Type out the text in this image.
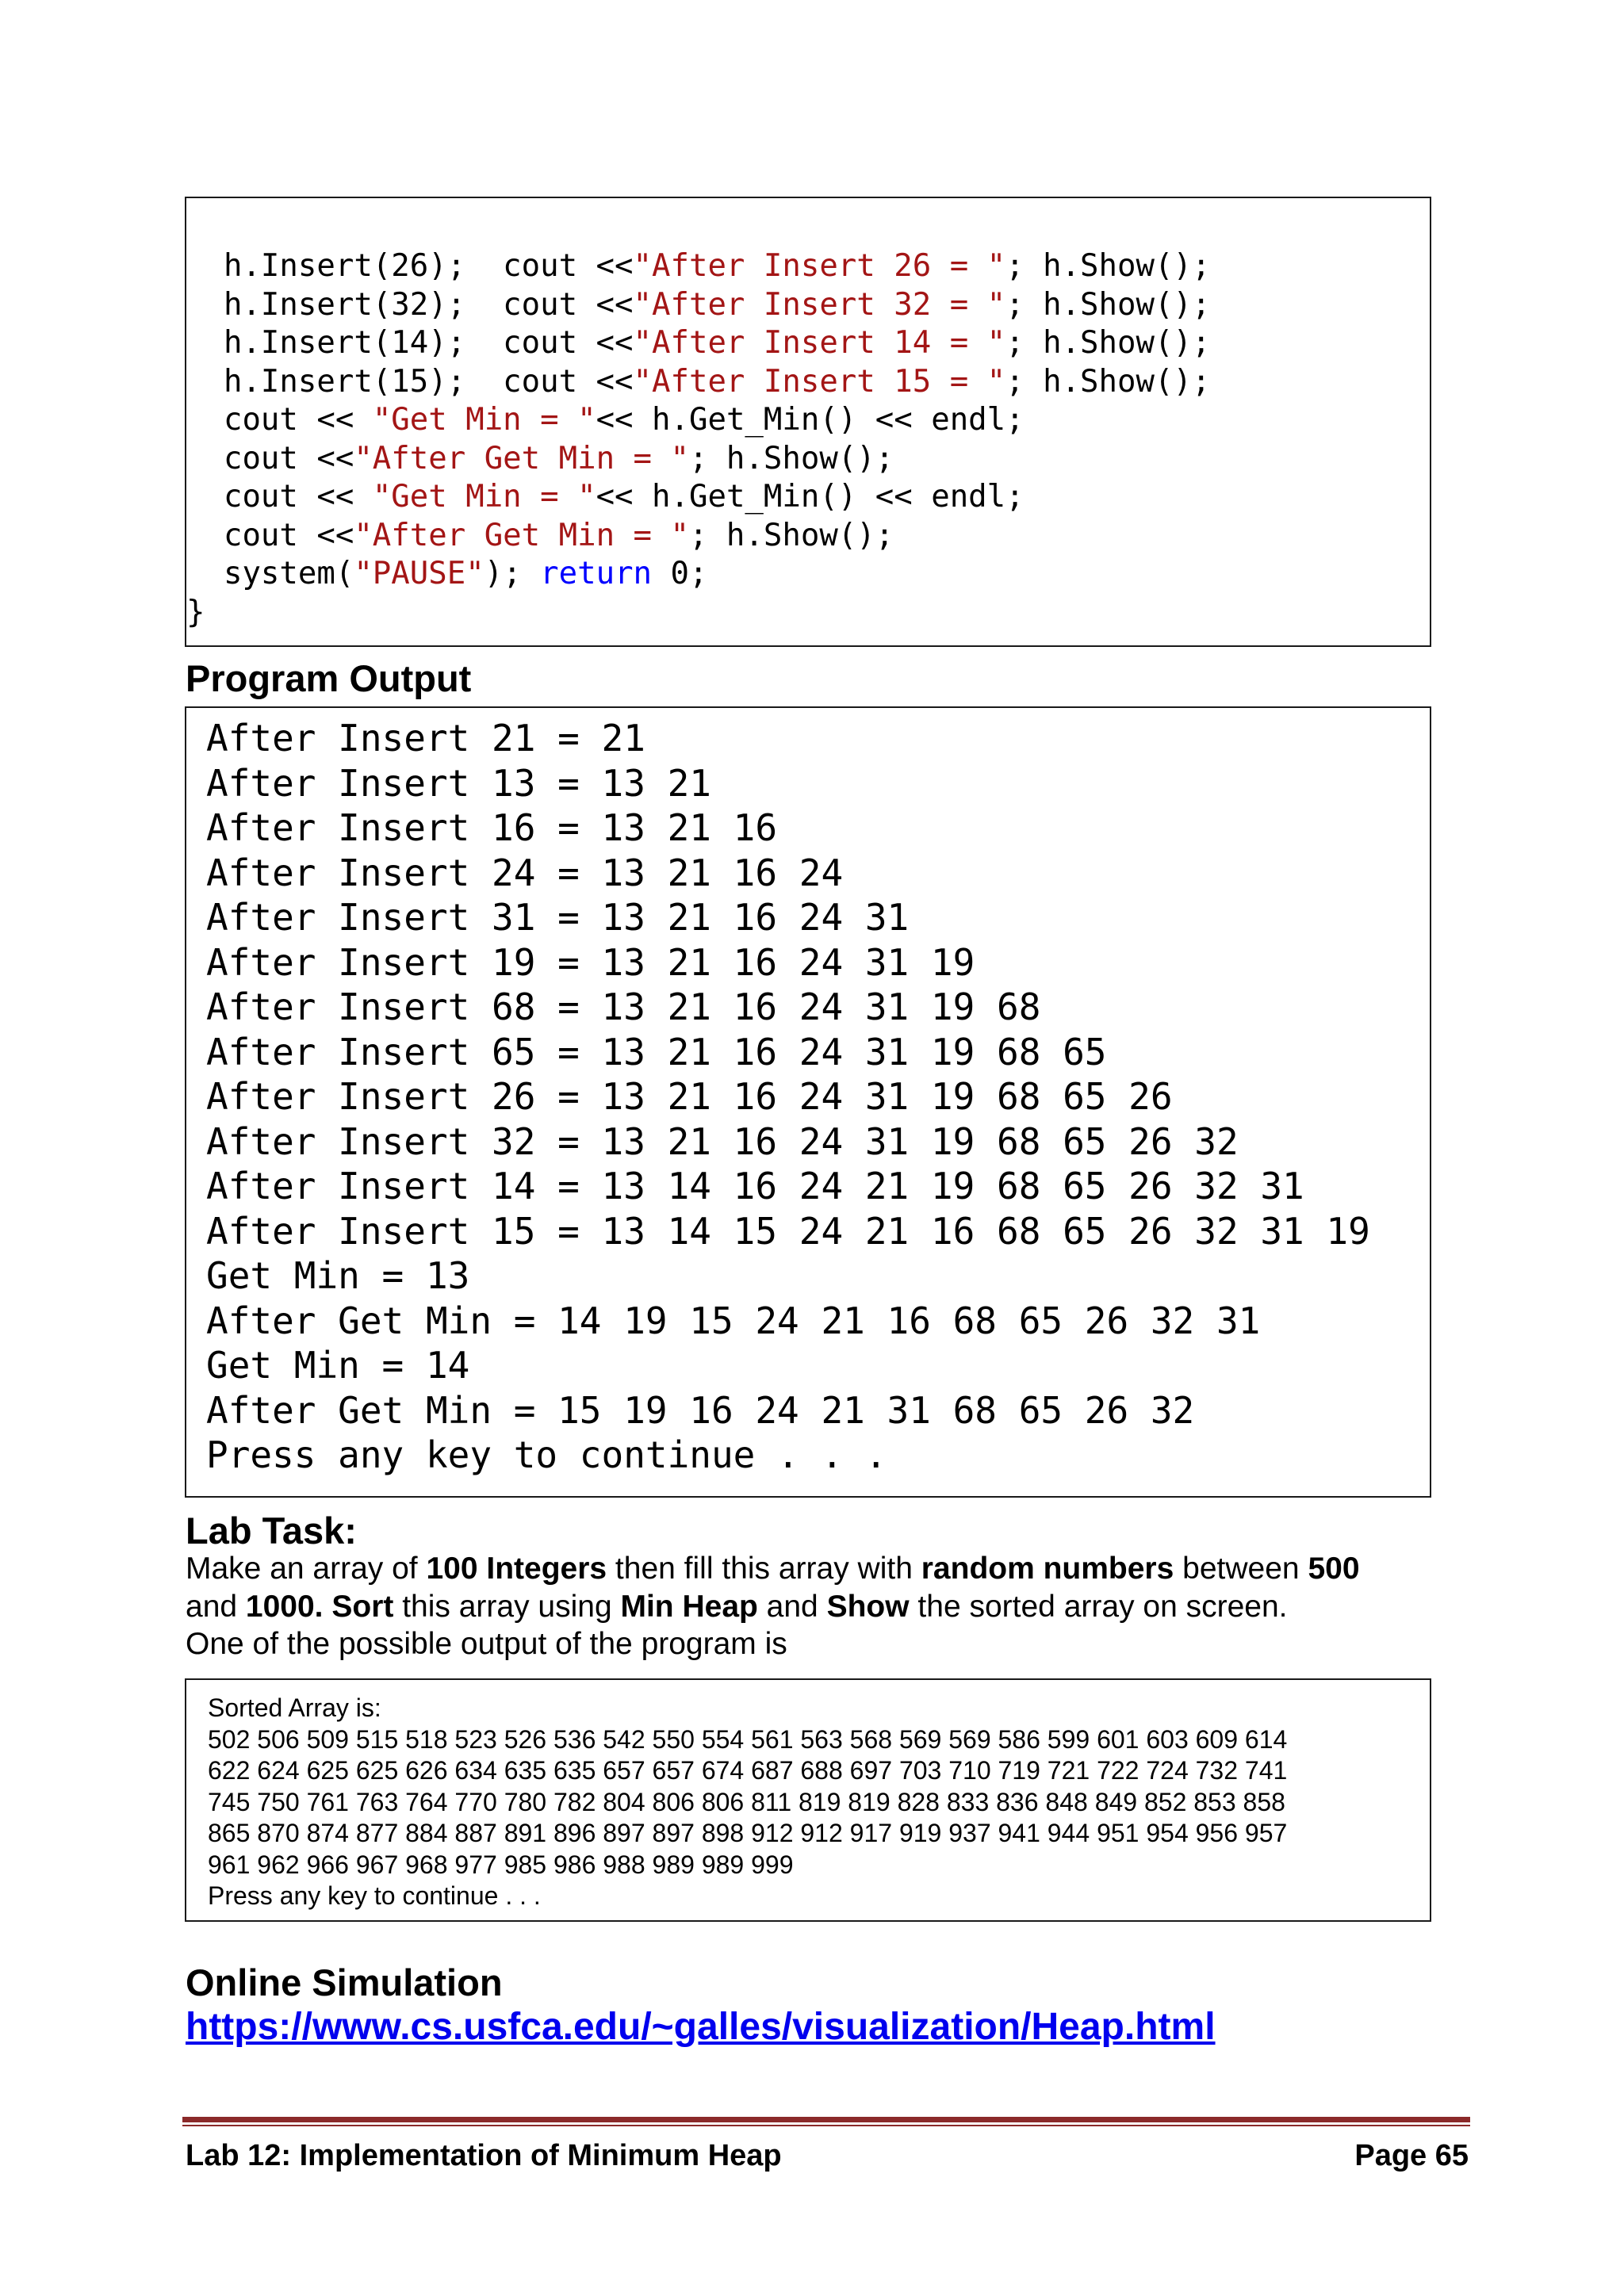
h.Insert(26);  cout <<"After Insert 26 = "; h.Show();
h.Insert(32);  cout <<"After Insert 32 = "; h.Show();
h.Insert(14);  cout <<"After Insert 14 = "; h.Show();
h.Insert(15);  cout <<"After Insert 15 = "; h.Show();
cout << "Get Min = "<< h.Get_Min() << endl;
cout <<"After Get Min = "; h.Show();
cout << "Get Min = "<< h.Get_Min() << endl;
cout <<"After Get Min = "; h.Show();
system("PAUSE"); return 0;
}
Program Output
After Insert 21 = 21
After Insert 13 = 13 21
After Insert 16 = 13 21 16
After Insert 24 = 13 21 16 24
After Insert 31 = 13 21 16 24 31
After Insert 19 = 13 21 16 24 31 19
After Insert 68 = 13 21 16 24 31 19 68
After Insert 65 = 13 21 16 24 31 19 68 65
After Insert 26 = 13 21 16 24 31 19 68 65 26
After Insert 32 = 13 21 16 24 31 19 68 65 26 32
After Insert 14 = 13 14 16 24 21 19 68 65 26 32 31
After Insert 15 = 13 14 15 24 21 16 68 65 26 32 31 19
Get Min = 13
After Get Min = 14 19 15 24 21 16 68 65 26 32 31
Get Min = 14
After Get Min = 15 19 16 24 21 31 68 65 26 32
Press any key to continue . . .
Lab Task:
Make an array of 100 Integers then fill this array with random numbers between 500
and 1000. Sort this array using Min Heap and Show the sorted array on screen.
One of the possible output of the program is
Sorted Array is:
502 506 509 515 518 523 526 536 542 550 554 561 563 568 569 569 586 599 601 603 609 614
622 624 625 625 626 634 635 635 657 657 674 687 688 697 703 710 719 721 722 724 732 741
745 750 761 763 764 770 780 782 804 806 806 811 819 819 828 833 836 848 849 852 853 858
865 870 874 877 884 887 891 896 897 897 898 912 912 917 919 937 941 944 951 954 956 957
961 962 966 967 968 977 985 986 988 989 989 999
Press any key to continue . . .
Online Simulation
https://www.cs.usfca.edu/~galles/visualization/Heap.html
Lab 12: Implementation of Minimum Heap	Page 65
